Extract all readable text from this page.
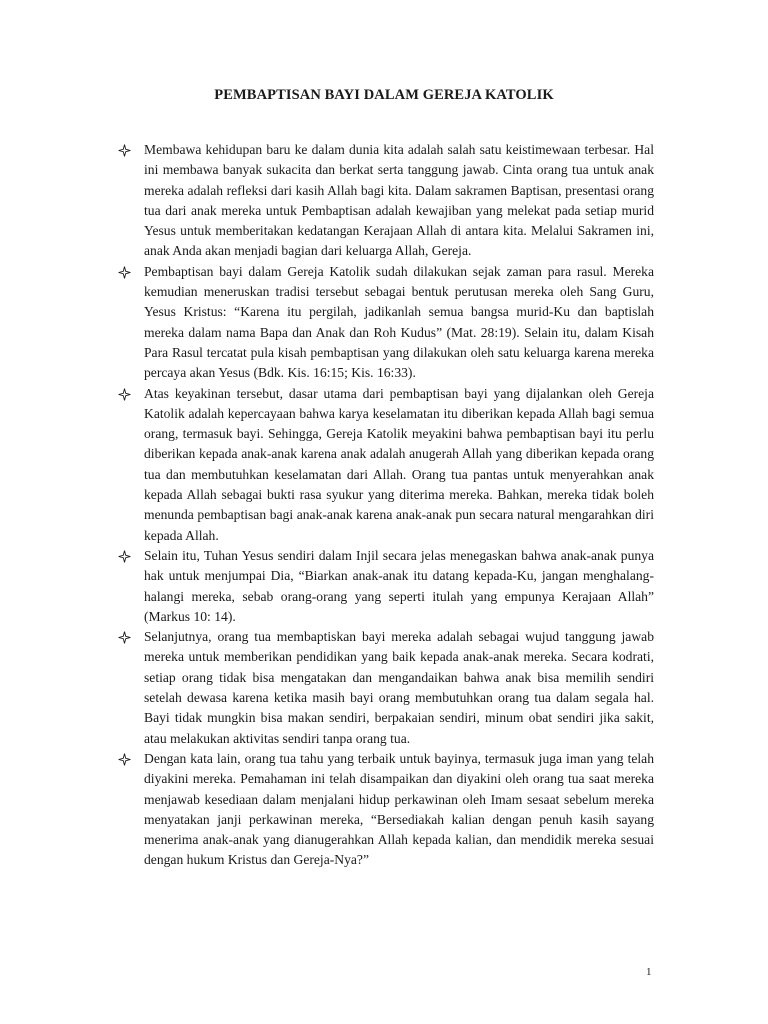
PEMBAPTISAN BAYI DALAM GEREJA KATOLIK
Membawa kehidupan baru ke dalam dunia kita adalah salah satu keistimewaan terbesar. Hal ini membawa banyak sukacita dan berkat serta tanggung jawab. Cinta orang tua untuk anak mereka adalah refleksi dari kasih Allah bagi kita. Dalam sakramen Baptisan, presentasi orang tua dari anak mereka untuk Pembaptisan adalah kewajiban yang melekat pada setiap murid Yesus untuk memberitakan kedatangan Kerajaan Allah di antara kita. Melalui Sakramen ini, anak Anda akan menjadi bagian dari keluarga Allah, Gereja.
Pembaptisan bayi dalam Gereja Katolik sudah dilakukan sejak zaman para rasul. Mereka kemudian meneruskan tradisi tersebut sebagai bentuk perutusan mereka oleh Sang Guru, Yesus Kristus: “Karena itu pergilah, jadikanlah semua bangsa murid-Ku dan baptislah mereka dalam nama Bapa dan Anak dan Roh Kudus” (Mat. 28:19). Selain itu, dalam Kisah Para Rasul tercatat pula kisah pembaptisan yang dilakukan oleh satu keluarga karena mereka percaya akan Yesus (Bdk. Kis. 16:15; Kis. 16:33).
Atas keyakinan tersebut, dasar utama dari pembaptisan bayi yang dijalankan oleh Gereja Katolik adalah kepercayaan bahwa karya keselamatan itu diberikan kepada Allah bagi semua orang, termasuk bayi. Sehingga, Gereja Katolik meyakini bahwa pembaptisan bayi itu perlu diberikan kepada anak-anak karena anak adalah anugerah Allah yang diberikan kepada orang tua dan membutuhkan keselamatan dari Allah. Orang tua pantas untuk menyerahkan anak kepada Allah sebagai bukti rasa syukur yang diterima mereka. Bahkan, mereka tidak boleh menunda pembaptisan bagi anak-anak karena anak-anak pun secara natural mengarahkan diri kepada Allah.
Selain itu, Tuhan Yesus sendiri dalam Injil secara jelas menegaskan bahwa anak-anak punya hak untuk menjumpai Dia, “Biarkan anak-anak itu datang kepada-Ku, jangan menghalang-halangi mereka, sebab orang-orang yang seperti itulah yang empunya Kerajaan Allah” (Markus 10: 14).
Selanjutnya, orang tua membaptiskan bayi mereka adalah sebagai wujud tanggung jawab mereka untuk memberikan pendidikan yang baik kepada anak-anak mereka. Secara kodrati, setiap orang tidak bisa mengatakan dan mengandaikan bahwa anak bisa memilih sendiri setelah dewasa karena ketika masih bayi orang membutuhkan orang tua dalam segala hal. Bayi tidak mungkin bisa makan sendiri, berpakaian sendiri, minum obat sendiri jika sakit, atau melakukan aktivitas sendiri tanpa orang tua.
Dengan kata lain, orang tua tahu yang terbaik untuk bayinya, termasuk juga iman yang telah diyakini mereka. Pemahaman ini telah disampaikan dan diyakini oleh orang tua saat mereka menjawab kesediaan dalam menjalani hidup perkawinan oleh Imam sesaat sebelum mereka menyatakan janji perkawinan mereka, “Bersediakah kalian dengan penuh kasih sayang menerima anak-anak yang dianugerahkan Allah kepada kalian, dan mendidik mereka sesuai dengan hukum Kristus dan Gereja-Nya?”
1
